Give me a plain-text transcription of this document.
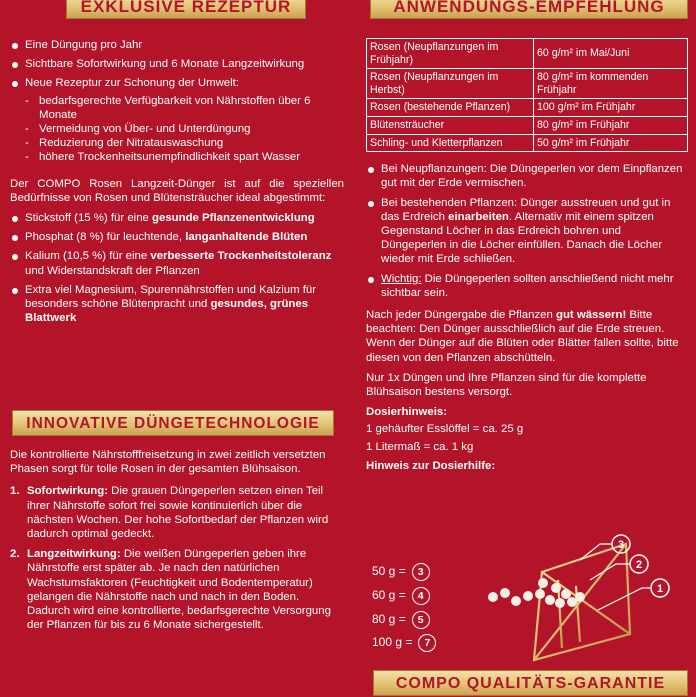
EXKLUSIVE REZEPTUR
Eine Düngung pro Jahr
Sichtbare Sofortwirkung und 6 Monate Langzeitwirkung
Neue Rezeptur zur Schonung der Umwelt:
- bedarfsgerechte Verfügbarkeit von Nährstoffen über 6 Monate
- Vermeidung von Über- und Unterdüngung
- Reduzierung der Nitratauswaschung
- höhere Trockenheitsunempfindlichkeit spart Wasser

Der COMPO Rosen Langzeit-Dünger ist auf die speziellen Bedürfnisse von Rosen und Blütensträucher ideal abgestimmt:

Stickstoff (15 %) für eine gesunde Pflanzenentwicklung
Phosphat (8 %) für leuchtende, langanhaltende Blüten
Kalium (10,5 %) für eine verbesserte Trockenheitstoleranz und Widerstandskraft der Pflanzen
Extra viel Magnesium, Spurennährstoffen und Kalzium für besonders schöne Blütenpracht und gesundes, grünes Blattwerk
INNOVATIVE DÜNGETECHNOLOGIE

Die kontrollierte Nährstofffreisetzung in zwei zeitlich versetzten Phasen sorgt für tolle Rosen in der gesamten Blühsaison.

1. Sofortwirkung: Die grauen Düngeperlen setzen einen Teil ihrer Nährstoffe sofort frei sowie kontinuierlich über die nächsten Wochen. Der hohe Sofortbedarf der Pflanzen wird dadurch optimal gedeckt.
2. Langzeitwirkung: Die weißen Düngeperlen geben ihre Nährstoffe erst später ab. Je nach den natürlichen Wachstumsfaktoren (Feuchtigkeit und Bodentemperatur) gelangen die Nährstoffe nach und nach in den Boden. Dadurch wird eine kontrollierte, bedarfsgerechte Versorgung der Pflanzen für bis zu 6 Monate sichergestellt.
ANWENDUNGS-EMPFEHLUNG
Rosen (Neupflanzungen im Frühjahr)	60 g/m² im Mai/Juni
Rosen (Neupflanzungen im Herbst)	80 g/m² im kommenden Frühjahr
Rosen (bestehende Pflanzen)	100 g/m² im Frühjahr
Blütensträucher	80 g/m² im Frühjahr
Schling- und Kletterpflanzen	50 g/m² im Frühjahr
Bei Neupflanzungen: Die Düngeperlen vor dem Einpflanzen gut mit der Erde vermischen.
Bei bestehenden Pflanzen: Dünger ausstreuen und gut in das Erdreich einarbeiten. Alternativ mit einem spitzen Gegenstand Löcher in das Erdreich bohren und Düngeperlen in die Löcher einfüllen. Danach die Löcher wieder mit Erde schließen.
Wichtig: Die Düngeperlen sollten anschließend nicht mehr sichtbar sein.

Nach jeder Düngergabe die Pflanzen gut wässern! Bitte beachten: Den Dünger ausschließlich auf die Erde streuen. Wenn der Dünger auf die Blüten oder Blätter fallen sollte, bitte diesen von den Pflanzen abschütteln.

Nur 1x Düngen und Ihre Pflanzen sind für die komplette Blühsaison bestens versorgt.

Dosierhinweis:

1 gehäufter Esslöffel = ca. 25 g

1 Litermaß = ca. 1 kg

Hinweis zur Dosierhilfe:

50 g = 3
60 g = 4
80 g = 5
100 g = 7
3
2
1
COMPO QUALITÄTS-GARANTIE
